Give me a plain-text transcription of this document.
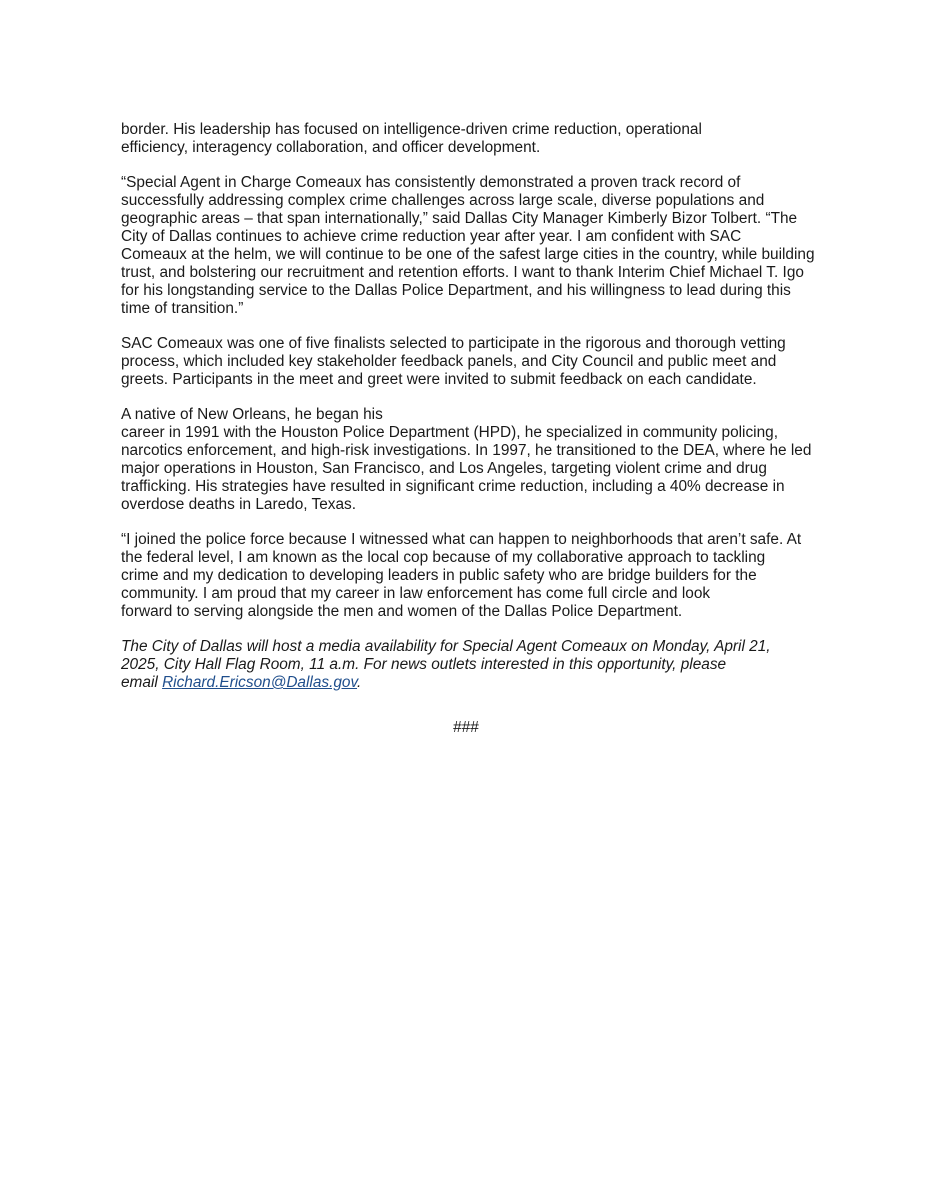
border. His leadership has focused on intelligence-driven crime reduction, operational
efficiency, interagency collaboration, and officer development.

“Special Agent in Charge Comeaux has consistently demonstrated a proven track record of
successfully addressing complex crime challenges across large scale, diverse populations and
geographic areas – that span internationally,” said Dallas City Manager Kimberly Bizor Tolbert. “The
City of Dallas continues to achieve crime reduction year after year. I am confident with SAC
Comeaux at the helm, we will continue to be one of the safest large cities in the country, while building
trust, and bolstering our recruitment and retention efforts. I want to thank Interim Chief Michael T. Igo
for his longstanding service to the Dallas Police Department, and his willingness to lead during this
time of transition.”

SAC Comeaux was one of five finalists selected to participate in the rigorous and thorough vetting
process, which included key stakeholder feedback panels, and City Council and public meet and
greets. Participants in the meet and greet were invited to submit feedback on each candidate.

A native of New Orleans, he began his
career in 1991 with the Houston Police Department (HPD), he specialized in community policing,
narcotics enforcement, and high-risk investigations. In 1997, he transitioned to the DEA, where he led
major operations in Houston, San Francisco, and Los Angeles, targeting violent crime and drug
trafficking. His strategies have resulted in significant crime reduction, including a 40% decrease in
overdose deaths in Laredo, Texas.

“I joined the police force because I witnessed what can happen to neighborhoods that aren’t safe. At
the federal level, I am known as the local cop because of my collaborative approach to tackling
crime and my dedication to developing leaders in public safety who are bridge builders for the
community. I am proud that my career in law enforcement has come full circle and look
forward to serving alongside the men and women of the Dallas Police Department.

The City of Dallas will host a media availability for Special Agent Comeaux on Monday, April 21,
2025, City Hall Flag Room, 11 a.m. For news outlets interested in this opportunity, please
email Richard.Ericson@Dallas.gov.

###
